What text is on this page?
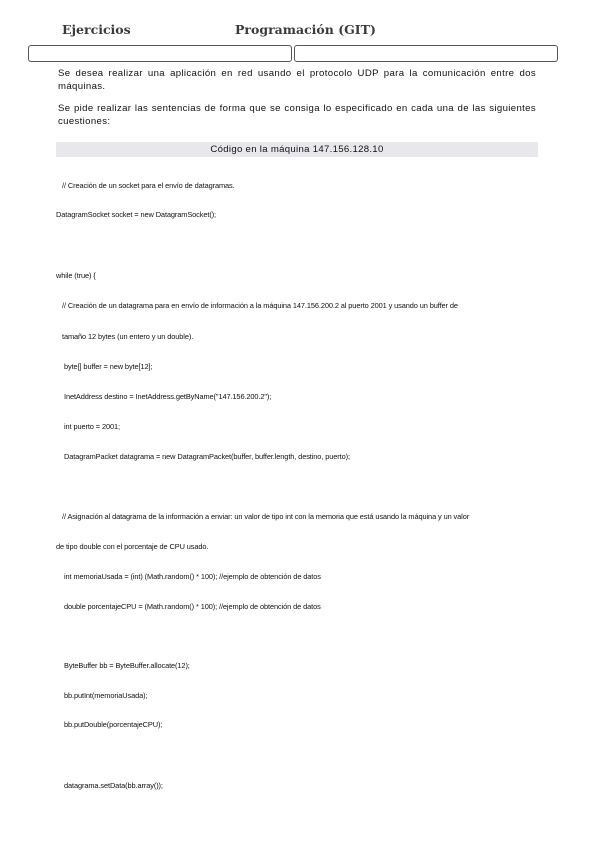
Ejercicios	Programación (GIT)
Se desea realizar una aplicación en red usando el protocolo UDP para la comunicación entre dos máquinas.
Se pide realizar las sentencias de forma que se consiga lo especificado en cada una de las siguientes cuestiones:
Código en la máquina 147.156.128.10
// Creación de un socket para el envío de datagramas.
DatagramSocket socket = new DatagramSocket();
while (true) {
// Creación de un datagrama para en envío de información a la máquina 147.156.200.2 al puerto 2001 y usando un buffer de
tamaño 12 bytes (un entero y un double).
byte[] buffer = new byte[12];
InetAddress destino = InetAddress.getByName("147.156.200.2");
int puerto = 2001;
DatagramPacket datagrama = new DatagramPacket(buffer, buffer.length, destino, puerto);
// Asignación al datagrama de la información a enviar: un valor de tipo int con la memoria que está usando la máquina y un valor
de tipo double con el porcentaje de CPU usado.
int memoriaUsada = (int) (Math.random() * 100); //ejemplo de obtención de datos
double porcentajeCPU = (Math.random() * 100); //ejemplo de obtención de datos
ByteBuffer bb = ByteBuffer.allocate(12);
bb.putInt(memoriaUsada);
bb.putDouble(porcentajeCPU);
datagrama.setData(bb.array());
